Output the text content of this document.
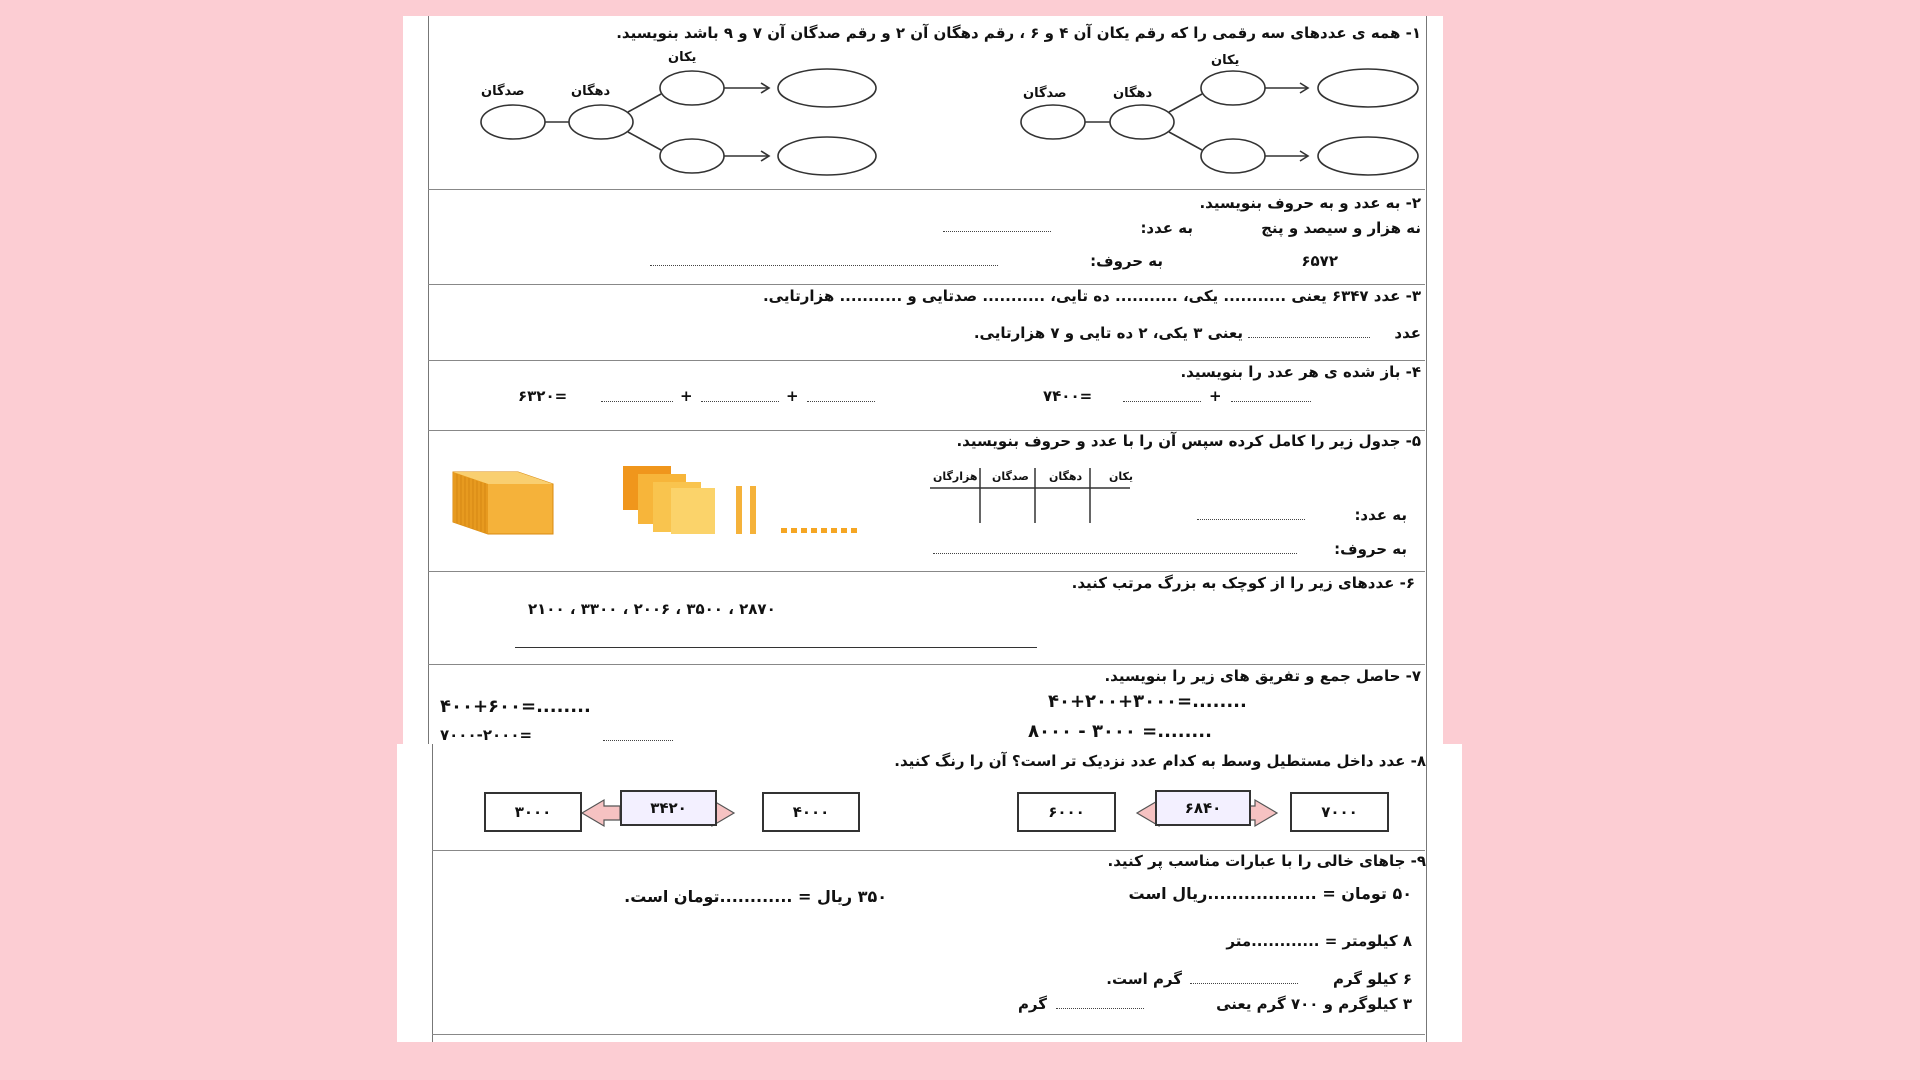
۱- همه ی عددهای سه رقمی را که رقم یکان آن ۴ و ۶ ، رقم دهگان آن ۲ و رقم صدگان آن ۷ و ۹ باشد بنویسید.
یکان
دهگان
صدگان
یکان
دهگان
صدگان
۲- به عدد و به حروف بنویسید.
نه هزار و سیصد و پنج
به عدد:
۶۵۷۲
به حروف:
۳- عدد ۶۳۴۷ یعنی ........... یکی، ........... ده تایی، ........... صدتایی و ........... هزارتایی.
عدد
یعنی ۳ یکی، ۲ ده تایی و ۷ هزارتایی.
۴- باز شده ی هر عدد را بنویسید.
۷۴۰۰=	+
۶۳۲۰=	+	+
۵- جدول زیر را کامل کرده سپس آن را با عدد و حروف بنویسید.
یکان
دهگان
صدگان
هزارگان
به عدد:
به حروف:
۶- عددهای زیر را از کوچک به بزرگ مرتب کنید.
۲۸۷۰ ، ۳۵۰۰ ، ۲۰۰۶ ، ۳۳۰۰ ، ۲۱۰۰
۷- حاصل جمع و تفریق های زیر را بنویسید.
۴۰+۲۰۰+۳۰۰۰=........
۴۰۰+۶۰۰=........
۸۰۰۰ - ۳۰۰۰ =........
۷۰۰۰-۲۰۰۰=
۸- عدد داخل مستطیل وسط به کدام عدد نزدیک تر است؟ آن را رنگ کنید.
۶۰۰۰	۶۸۴۰	۷۰۰۰
۳۰۰۰	۳۴۲۰	۴۰۰۰
۹- جاهای خالی را با عبارات مناسب پر کنید.
۵۰ تومان = ..................ریال است
۳۵۰ ریال = ............تومان است.
۸ کیلومتر = ............متر
۶ کیلو گرم
گرم است.
۳ کیلوگرم و ۷۰۰ گرم یعنی
گرم
